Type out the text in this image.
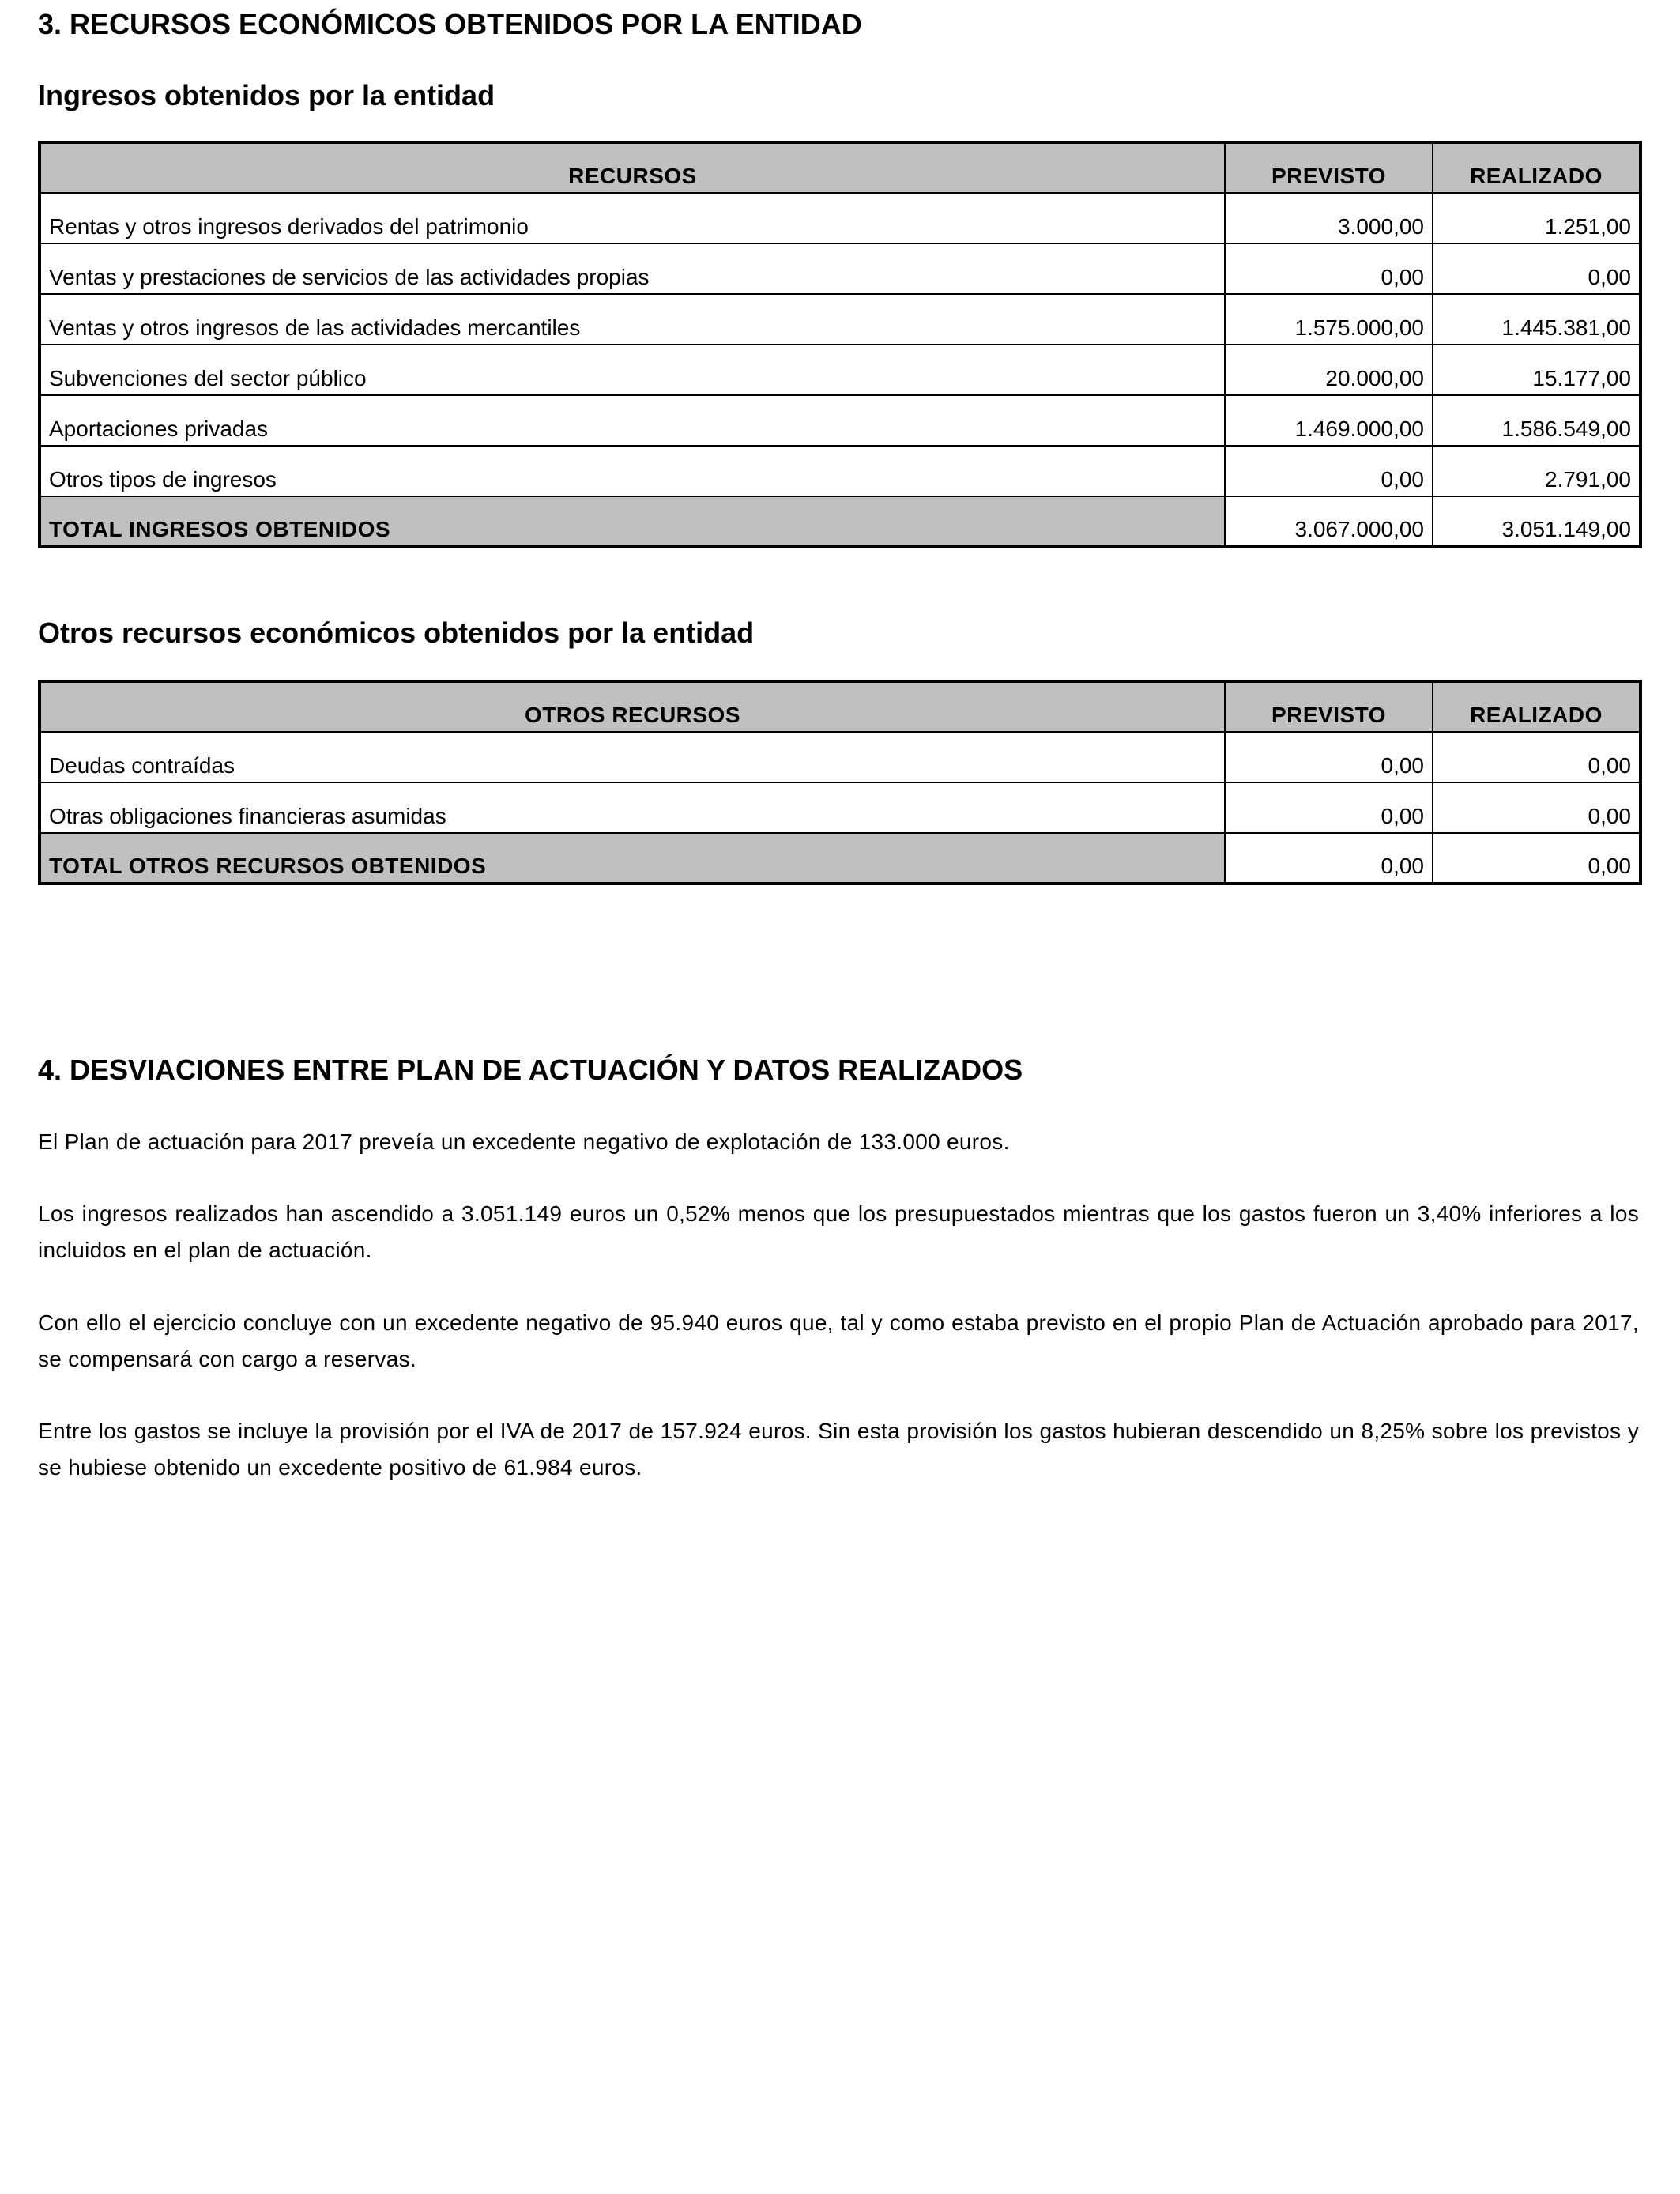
3. RECURSOS ECONÓMICOS OBTENIDOS POR LA ENTIDAD
Ingresos obtenidos por la entidad
RECURSOS	PREVISTO	REALIZADO
Rentas y otros ingresos derivados del patrimonio	3.000,00	1.251,00
Ventas y prestaciones de servicios de las actividades propias	0,00	0,00
Ventas y otros ingresos de las actividades mercantiles	1.575.000,00	1.445.381,00
Subvenciones del sector público	20.000,00	15.177,00
Aportaciones privadas	1.469.000,00	1.586.549,00
Otros tipos de ingresos	0,00	2.791,00
TOTAL INGRESOS OBTENIDOS	3.067.000,00	3.051.149,00
Otros recursos económicos obtenidos por la entidad
OTROS RECURSOS	PREVISTO	REALIZADO
Deudas contraídas	0,00	0,00
Otras obligaciones financieras asumidas	0,00	0,00
TOTAL OTROS RECURSOS OBTENIDOS	0,00	0,00
4. DESVIACIONES ENTRE PLAN DE ACTUACIÓN Y DATOS REALIZADOS

El Plan de actuación para 2017 preveía un excedente negativo de explotación de 133.000 euros.

Los ingresos realizados han ascendido a 3.051.149 euros un 0,52% menos que los presupuestados mientras que los gastos fueron un 3,40% inferiores a los incluidos en el plan de actuación.

Con ello el ejercicio concluye con un excedente negativo de 95.940 euros que, tal y como estaba previsto en el propio Plan de Actuación aprobado para 2017, se compensará con cargo a reservas.

Entre los gastos se incluye la provisión por el IVA de 2017 de 157.924 euros. Sin esta provisión los gastos hubieran descendido un 8,25% sobre los previstos y se hubiese obtenido un excedente positivo de 61.984 euros.
